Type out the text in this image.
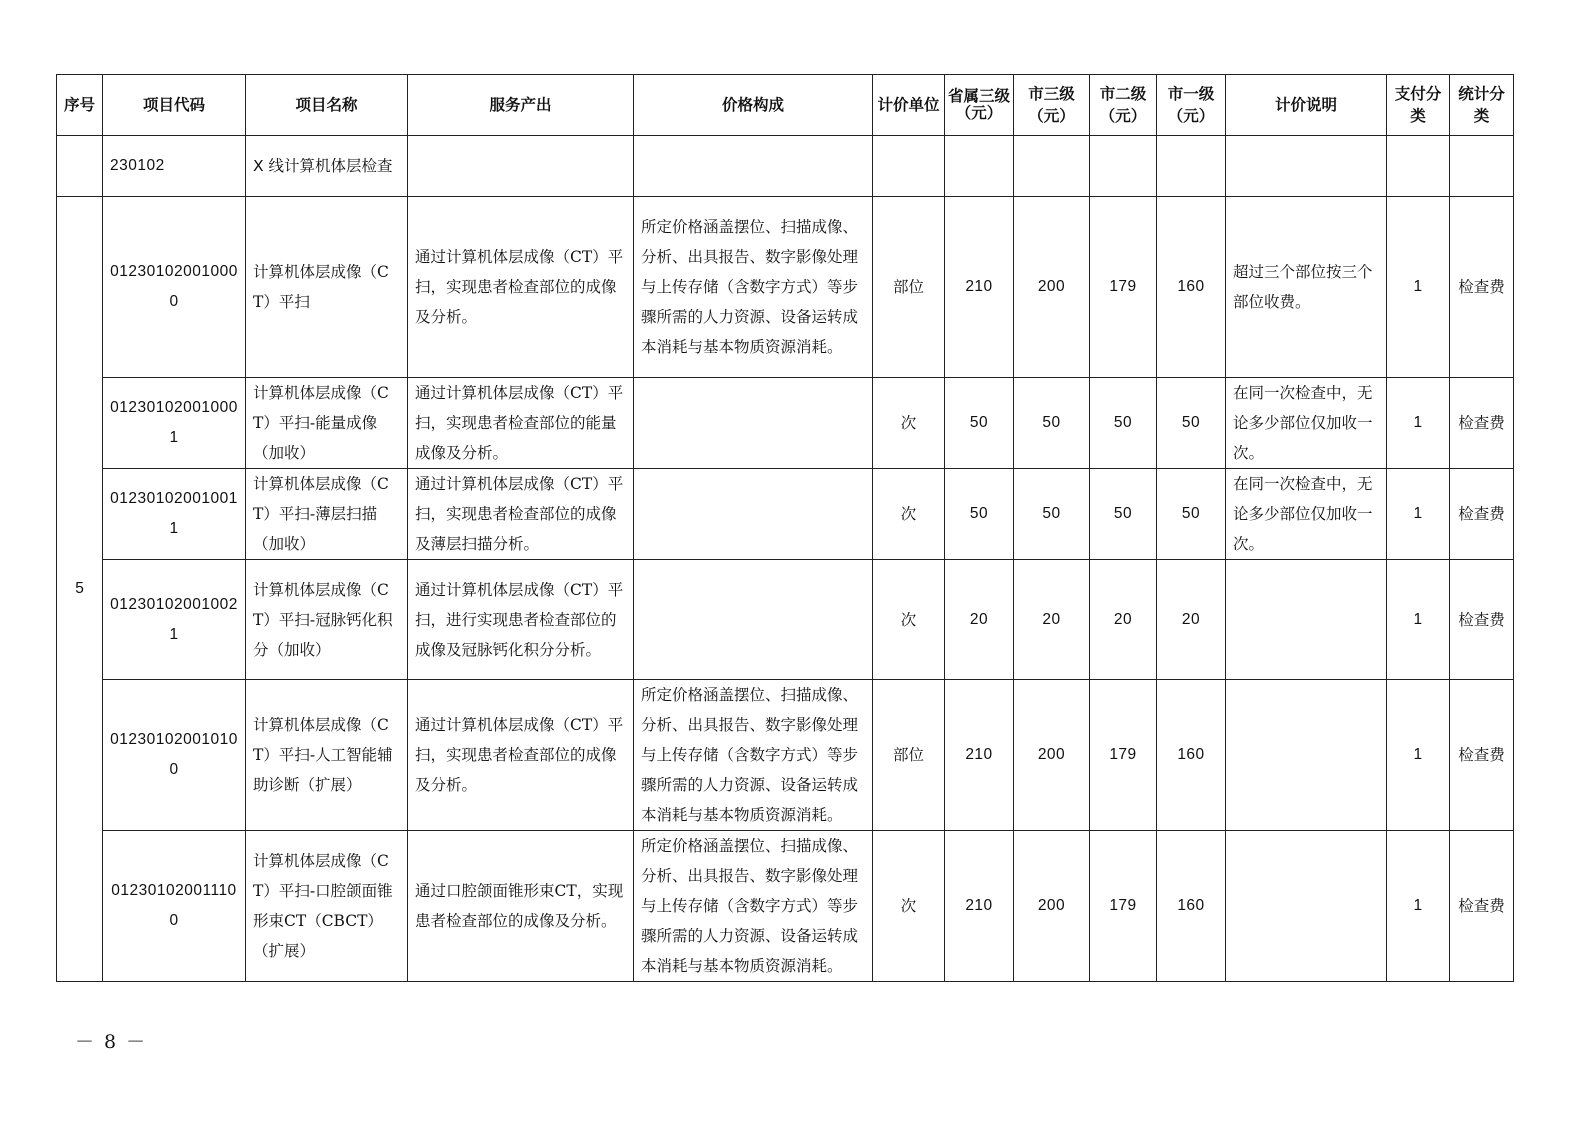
序号	项目代码	项目名称	服务产出	价格构成	计价单位	省属三级（元）	市三级（元）	市二级（元）	市一级（元）	计价说明	支付分类	统计分类
	230102	X 线计算机体层检查										
5	012301020010000	计算机体层成像（CT）平扫	通过计算机体层成像（CT）平扫，实现患者检查部位的成像及分析。	所定价格涵盖摆位、扫描成像、分析、出具报告、数字影像处理与上传存储（含数字方式）等步骤所需的人力资源、设备运转成本消耗与基本物质资源消耗。	部位	210	200	179	160	超过三个部位按三个部位收费。	1	检查费
	012301020010001	计算机体层成像（CT）平扫-能量成像（加收）	通过计算机体层成像（CT）平扫，实现患者检查部位的能量成像及分析。		次	50	50	50	50	在同一次检查中，无论多少部位仅加收一次。	1	检查费
	012301020010011	计算机体层成像（CT）平扫-薄层扫描（加收）	通过计算机体层成像（CT）平扫，实现患者检查部位的成像及薄层扫描分析。		次	50	50	50	50	在同一次检查中，无论多少部位仅加收一次。	1	检查费
	012301020010021	计算机体层成像（CT）平扫-冠脉钙化积分（加收）	通过计算机体层成像（CT）平扫，进行实现患者检查部位的成像及冠脉钙化积分分析。		次	20	20	20	20		1	检查费
	012301020010100	计算机体层成像（CT）平扫-人工智能辅助诊断（扩展）	通过计算机体层成像（CT）平扫，实现患者检查部位的成像及分析。	所定价格涵盖摆位、扫描成像、分析、出具报告、数字影像处理与上传存储（含数字方式）等步骤所需的人力资源、设备运转成本消耗与基本物质资源消耗。	部位	210	200	179	160		1	检查费
	012301020011100	计算机体层成像（CT）平扫-口腔颌面锥形束CT（CBCT）（扩展）	通过口腔颌面锥形束CT，实现患者检查部位的成像及分析。	所定价格涵盖摆位、扫描成像、分析、出具报告、数字影像处理与上传存储（含数字方式）等步骤所需的人力资源、设备运转成本消耗与基本物质资源消耗。	次	210	200	179	160		1	检查费
－ 8 －
